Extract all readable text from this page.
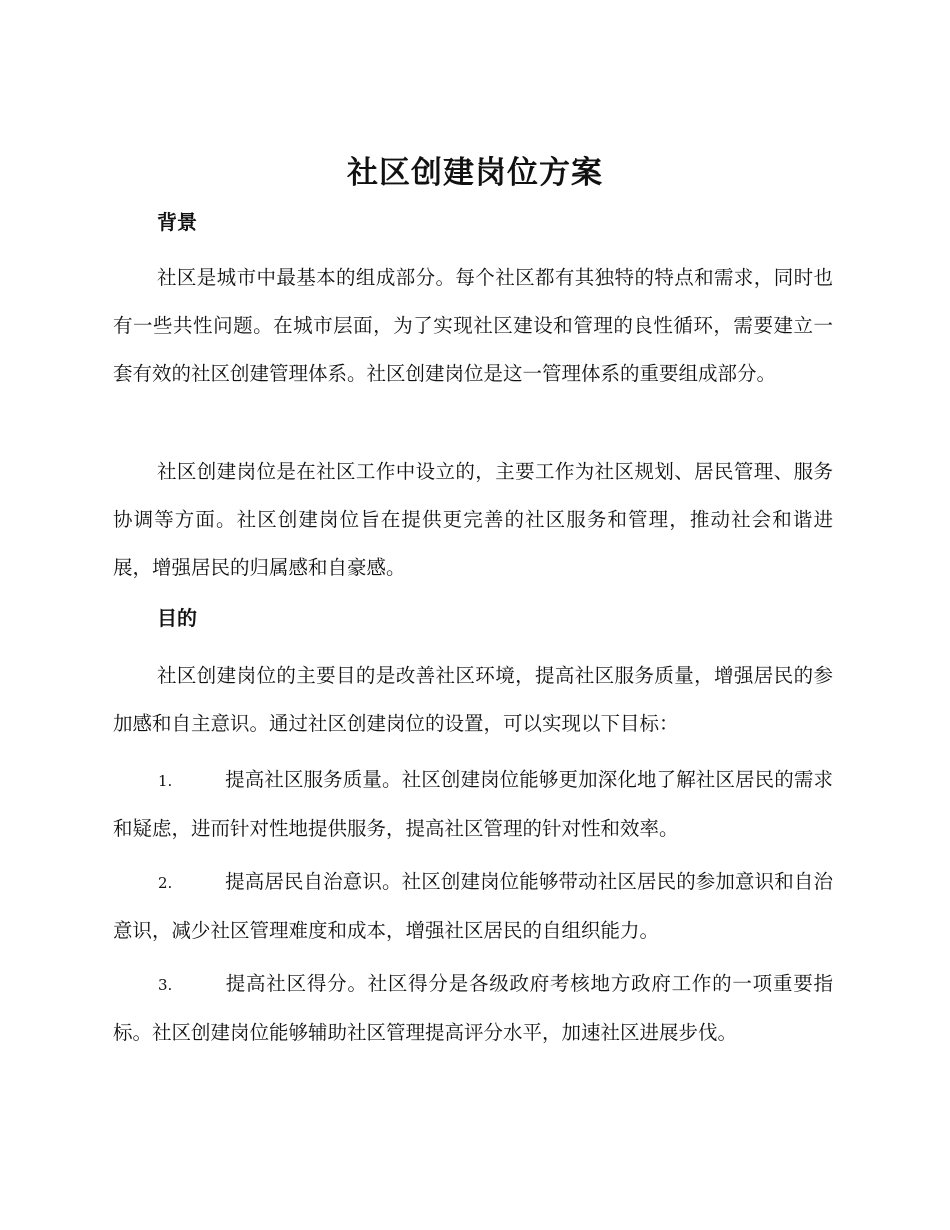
社区创建岗位方案
背景

社区是城市中最基本的组成部分。每个社区都有其独特的特点和需求，同时也有一些共性问题。在城市层面，为了实现社区建设和管理的良性循环，需要建立一套有效的社区创建管理体系。社区创建岗位是这一管理体系的重要组成部分。

社区创建岗位是在社区工作中设立的，主要工作为社区规划、居民管理、服务协调等方面。社区创建岗位旨在提供更完善的社区服务和管理，推动社会和谐进展，增强居民的归属感和自豪感。

目的

社区创建岗位的主要目的是改善社区环境，提高社区服务质量，增强居民的参加感和自主意识。通过社区创建岗位的设置，可以实现以下目标：

1.	提高社区服务质量。社区创建岗位能够更加深化地了解社区居民的需求和疑虑，进而针对性地提供服务，提高社区管理的针对性和效率。

2.	提高居民自治意识。社区创建岗位能够带动社区居民的参加意识和自治意识，减少社区管理难度和成本，增强社区居民的自组织能力。

3.	提高社区得分。社区得分是各级政府考核地方政府工作的一项重要指标。社区创建岗位能够辅助社区管理提高评分水平，加速社区进展步伐。
